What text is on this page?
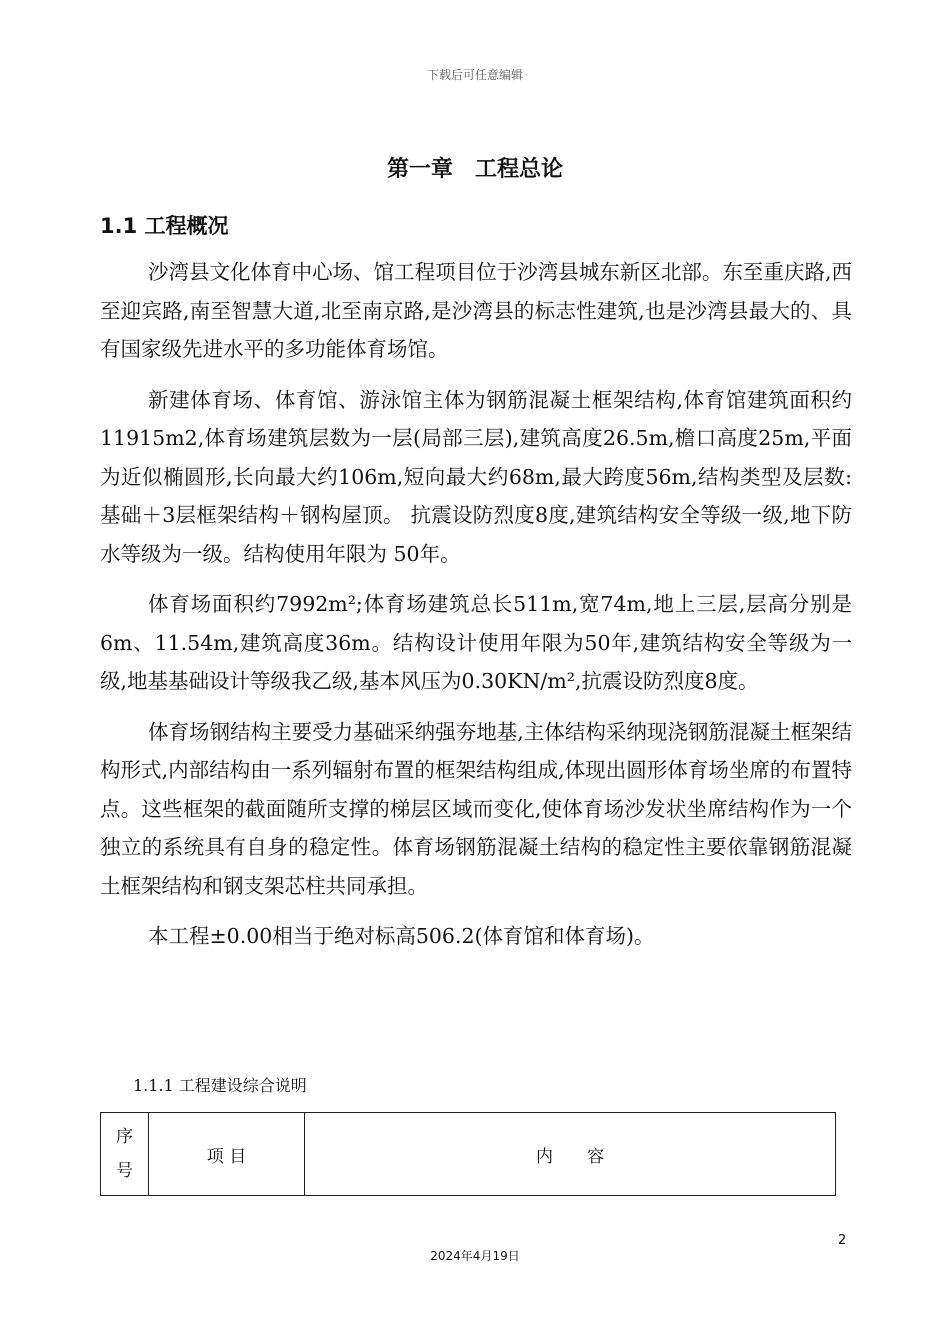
下载后可任意编辑
第一章　工程总论
1.1 工程概况

沙湾县文化体育中心场、馆工程项目位于沙湾县城东新区北部。东至重庆路,西至迎宾路,南至智慧大道,北至南京路,是沙湾县的标志性建筑,也是沙湾县最大的、具有国家级先进水平的多功能体育场馆。

新建体育场、体育馆、游泳馆主体为钢筋混凝土框架结构,体育馆建筑面积约11915m2,体育场建筑层数为一层(局部三层),建筑高度26.5m,檐口高度25m,平面为近似椭圆形,长向最大约106m,短向最大约68m,最大跨度56m,结构类型及层数:基础＋3层框架结构＋钢构屋顶。 抗震设防烈度8度,建筑结构安全等级一级,地下防水等级为一级。结构使用年限为 50年。

体育场面积约7992m²;体育场建筑总长511m,宽74m,地上三层,层高分别是6m、11.54m,建筑高度36m。结构设计使用年限为50年,建筑结构安全等级为一级,地基基础设计等级我乙级,基本风压为0.30KN/m²,抗震设防烈度8度。

体育场钢结构主要受力基础采纳强夯地基,主体结构采纳现浇钢筋混凝土框架结构形式,内部结构由一系列辐射布置的框架结构组成,体现出圆形体育场坐席的布置特点。这些框架的截面随所支撑的梯层区域而变化,使体育场沙发状坐席结构作为一个独立的系统具有自身的稳定性。体育场钢筋混凝土结构的稳定性主要依靠钢筋混凝土框架结构和钢支架芯柱共同承担。

本工程±0.00相当于绝对标高506.2(体育馆和体育场)。

1.1.1 工程建设综合说明
序
号	项 目	内　　容
2
2024年4月19日
